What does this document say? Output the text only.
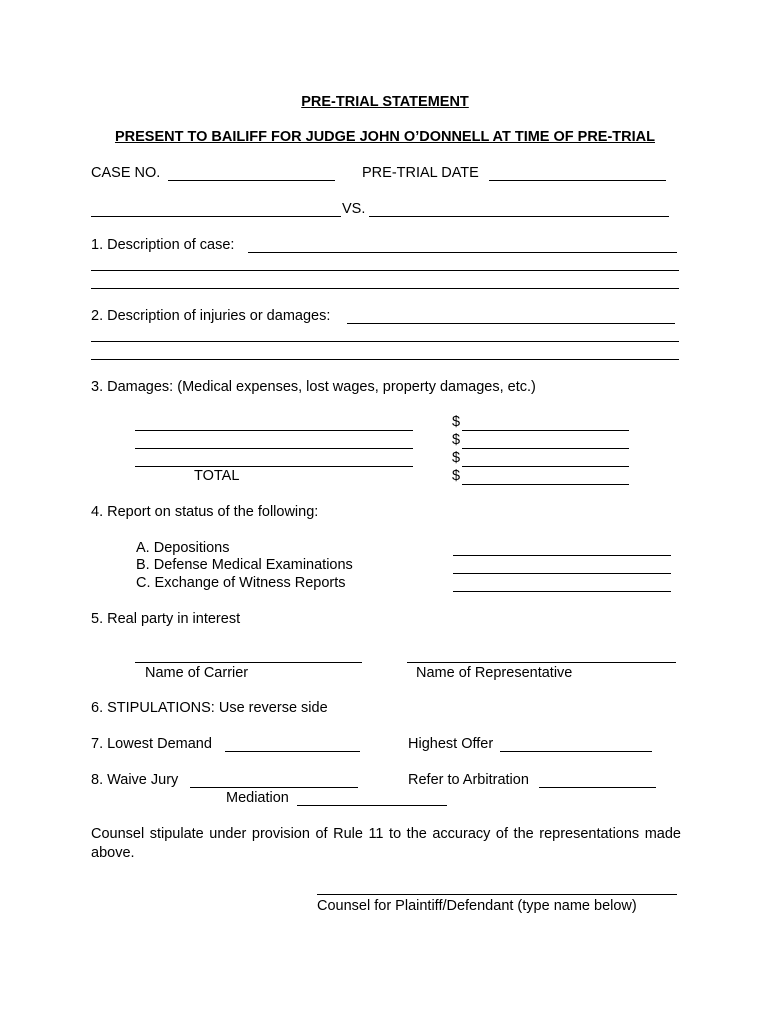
PRE-TRIAL STATEMENT
PRESENT TO BAILIFF FOR JUDGE JOHN O’DONNELL AT TIME OF PRE-TRIAL
CASE NO.	PRE-TRIAL DATE
VS.
1. Description of case:
2. Description of injuries or damages:
3. Damages: (Medical expenses, lost wages, property damages, etc.)
TOTAL
$
$
$
$
4. Report on status of the following:
A. Depositions
B. Defense Medical Examinations
C. Exchange of Witness Reports
5. Real party in interest
Name of Carrier	Name of Representative
6. STIPULATIONS: Use reverse side
7. Lowest Demand	Highest Offer
8. Waive Jury	Refer to Arbitration
Mediation
Counsel stipulate under provision of Rule 11 to the accuracy of the representations made above.
Counsel for Plaintiff/Defendant (type name below)
